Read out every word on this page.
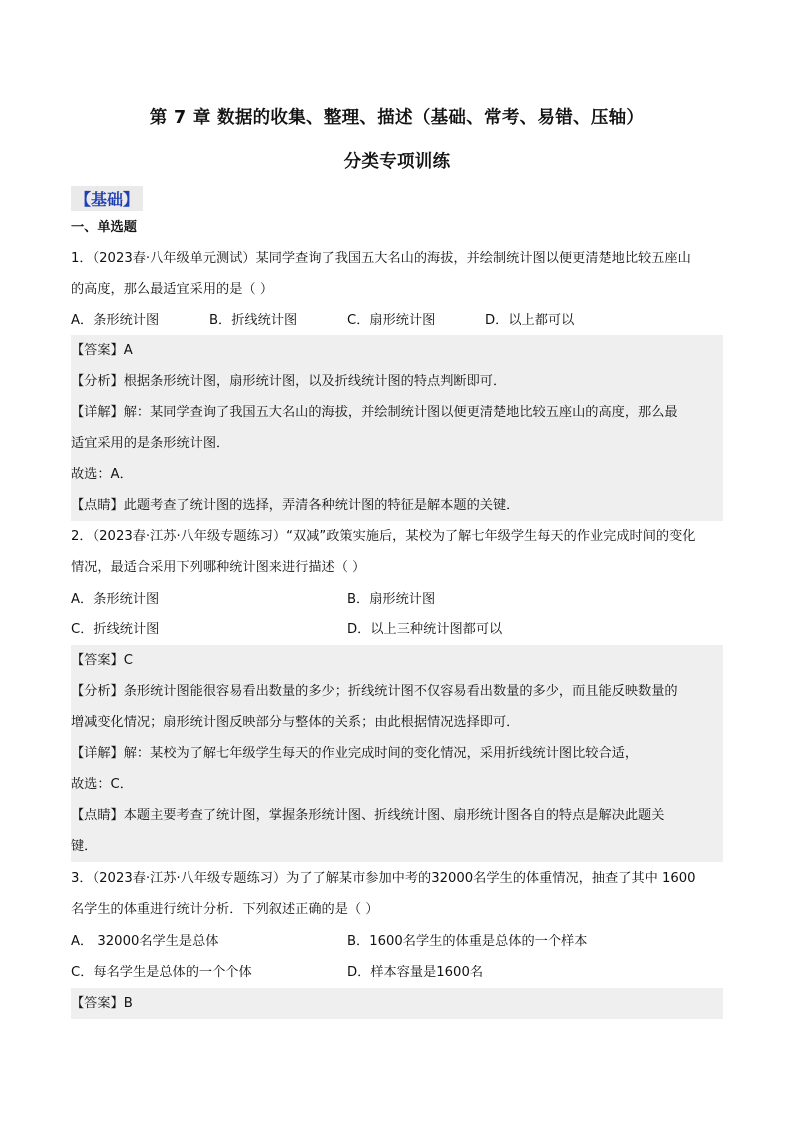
第 7 章 数据的收集、整理、描述（基础、常考、易错、压轴）
分类专项训练
【基础】
一、单选题
1．（2023春·八年级单元测试）某同学查询了我国五大名山的海拔，并绘制统计图以便更清楚地比较五座山
的高度，那么最适宜采用的是（ ）
A．条形统计图	B．折线统计图	C．扇形统计图	D．以上都可以
【答案】A
【分析】根据条形统计图，扇形统计图，以及折线统计图的特点判断即可．
【详解】解：某同学查询了我国五大名山的海拔，并绘制统计图以便更清楚地比较五座山的高度，那么最
适宜采用的是条形统计图．
故选：A．
【点睛】此题考查了统计图的选择，弄清各种统计图的特征是解本题的关键．
2．（2023春·江苏·八年级专题练习）“双减”政策实施后，某校为了解七年级学生每天的作业完成时间的变化
情况，最适合采用下列哪种统计图来进行描述（ ）
A．条形统计图	B．扇形统计图
C．折线统计图	D．以上三种统计图都可以
【答案】C
【分析】条形统计图能很容易看出数量的多少；折线统计图不仅容易看出数量的多少，而且能反映数量的
增减变化情况；扇形统计图反映部分与整体的关系；由此根据情况选择即可．
【详解】解：某校为了解七年级学生每天的作业完成时间的变化情况，采用折线统计图比较合适，
故选：C．
【点睛】本题主要考查了统计图，掌握条形统计图、折线统计图、扇形统计图各自的特点是解决此题关
键．
3．（2023春·江苏·八年级专题练习）为了了解某市参加中考的32000名学生的体重情况，抽查了其中 1600
名学生的体重进行统计分析．下列叙述正确的是（ ）
A． 32000名学生是总体	B．1600名学生的体重是总体的一个样本
C．每名学生是总体的一个个体	D．样本容量是1600名
【答案】B
